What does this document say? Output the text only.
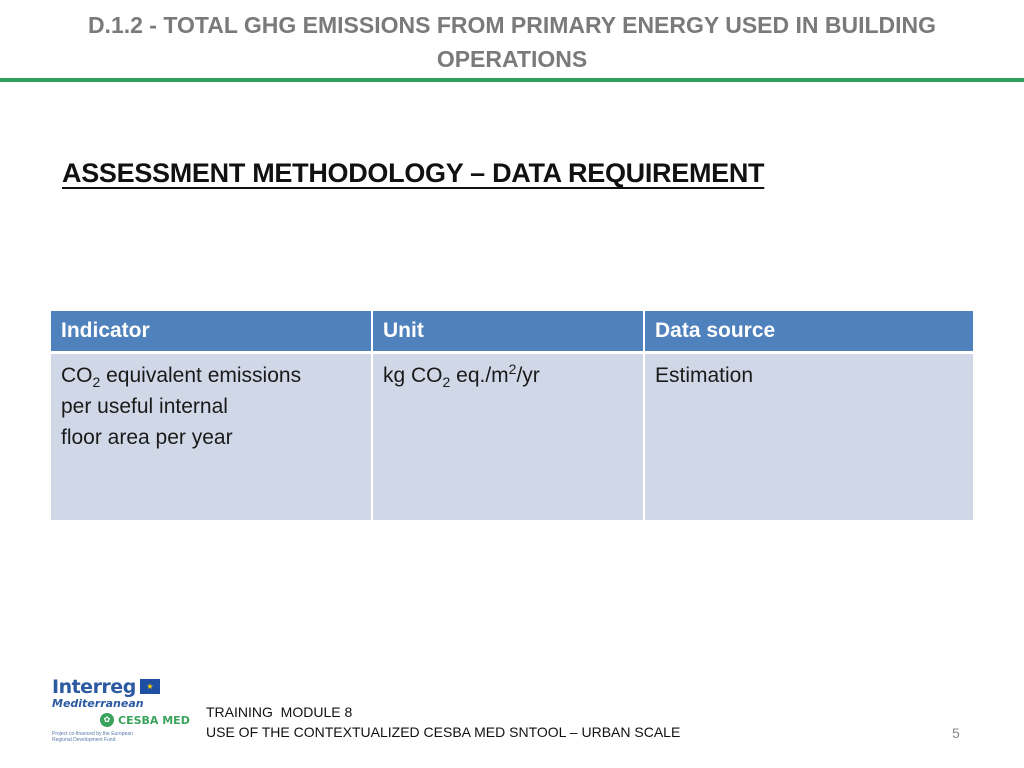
D.1.2 - TOTAL GHG EMISSIONS FROM PRIMARY ENERGY USED IN BUILDING OPERATIONS
ASSESSMENT METHODOLOGY – DATA REQUIREMENT
Indicator	Unit	Data source
$CO_2$ equivalent emissions
per useful internal
floor area per year	kg $CO_2$ $eq./m^2/yr$	Estimation
Interreg	★
Mediterranean
✿ CESBA MED
Project co-financed by the European Regional Development Fund
TRAINING  MODULE 8
USE OF THE CONTEXTUALIZED CESBA MED SNTOOL – URBAN SCALE	5
